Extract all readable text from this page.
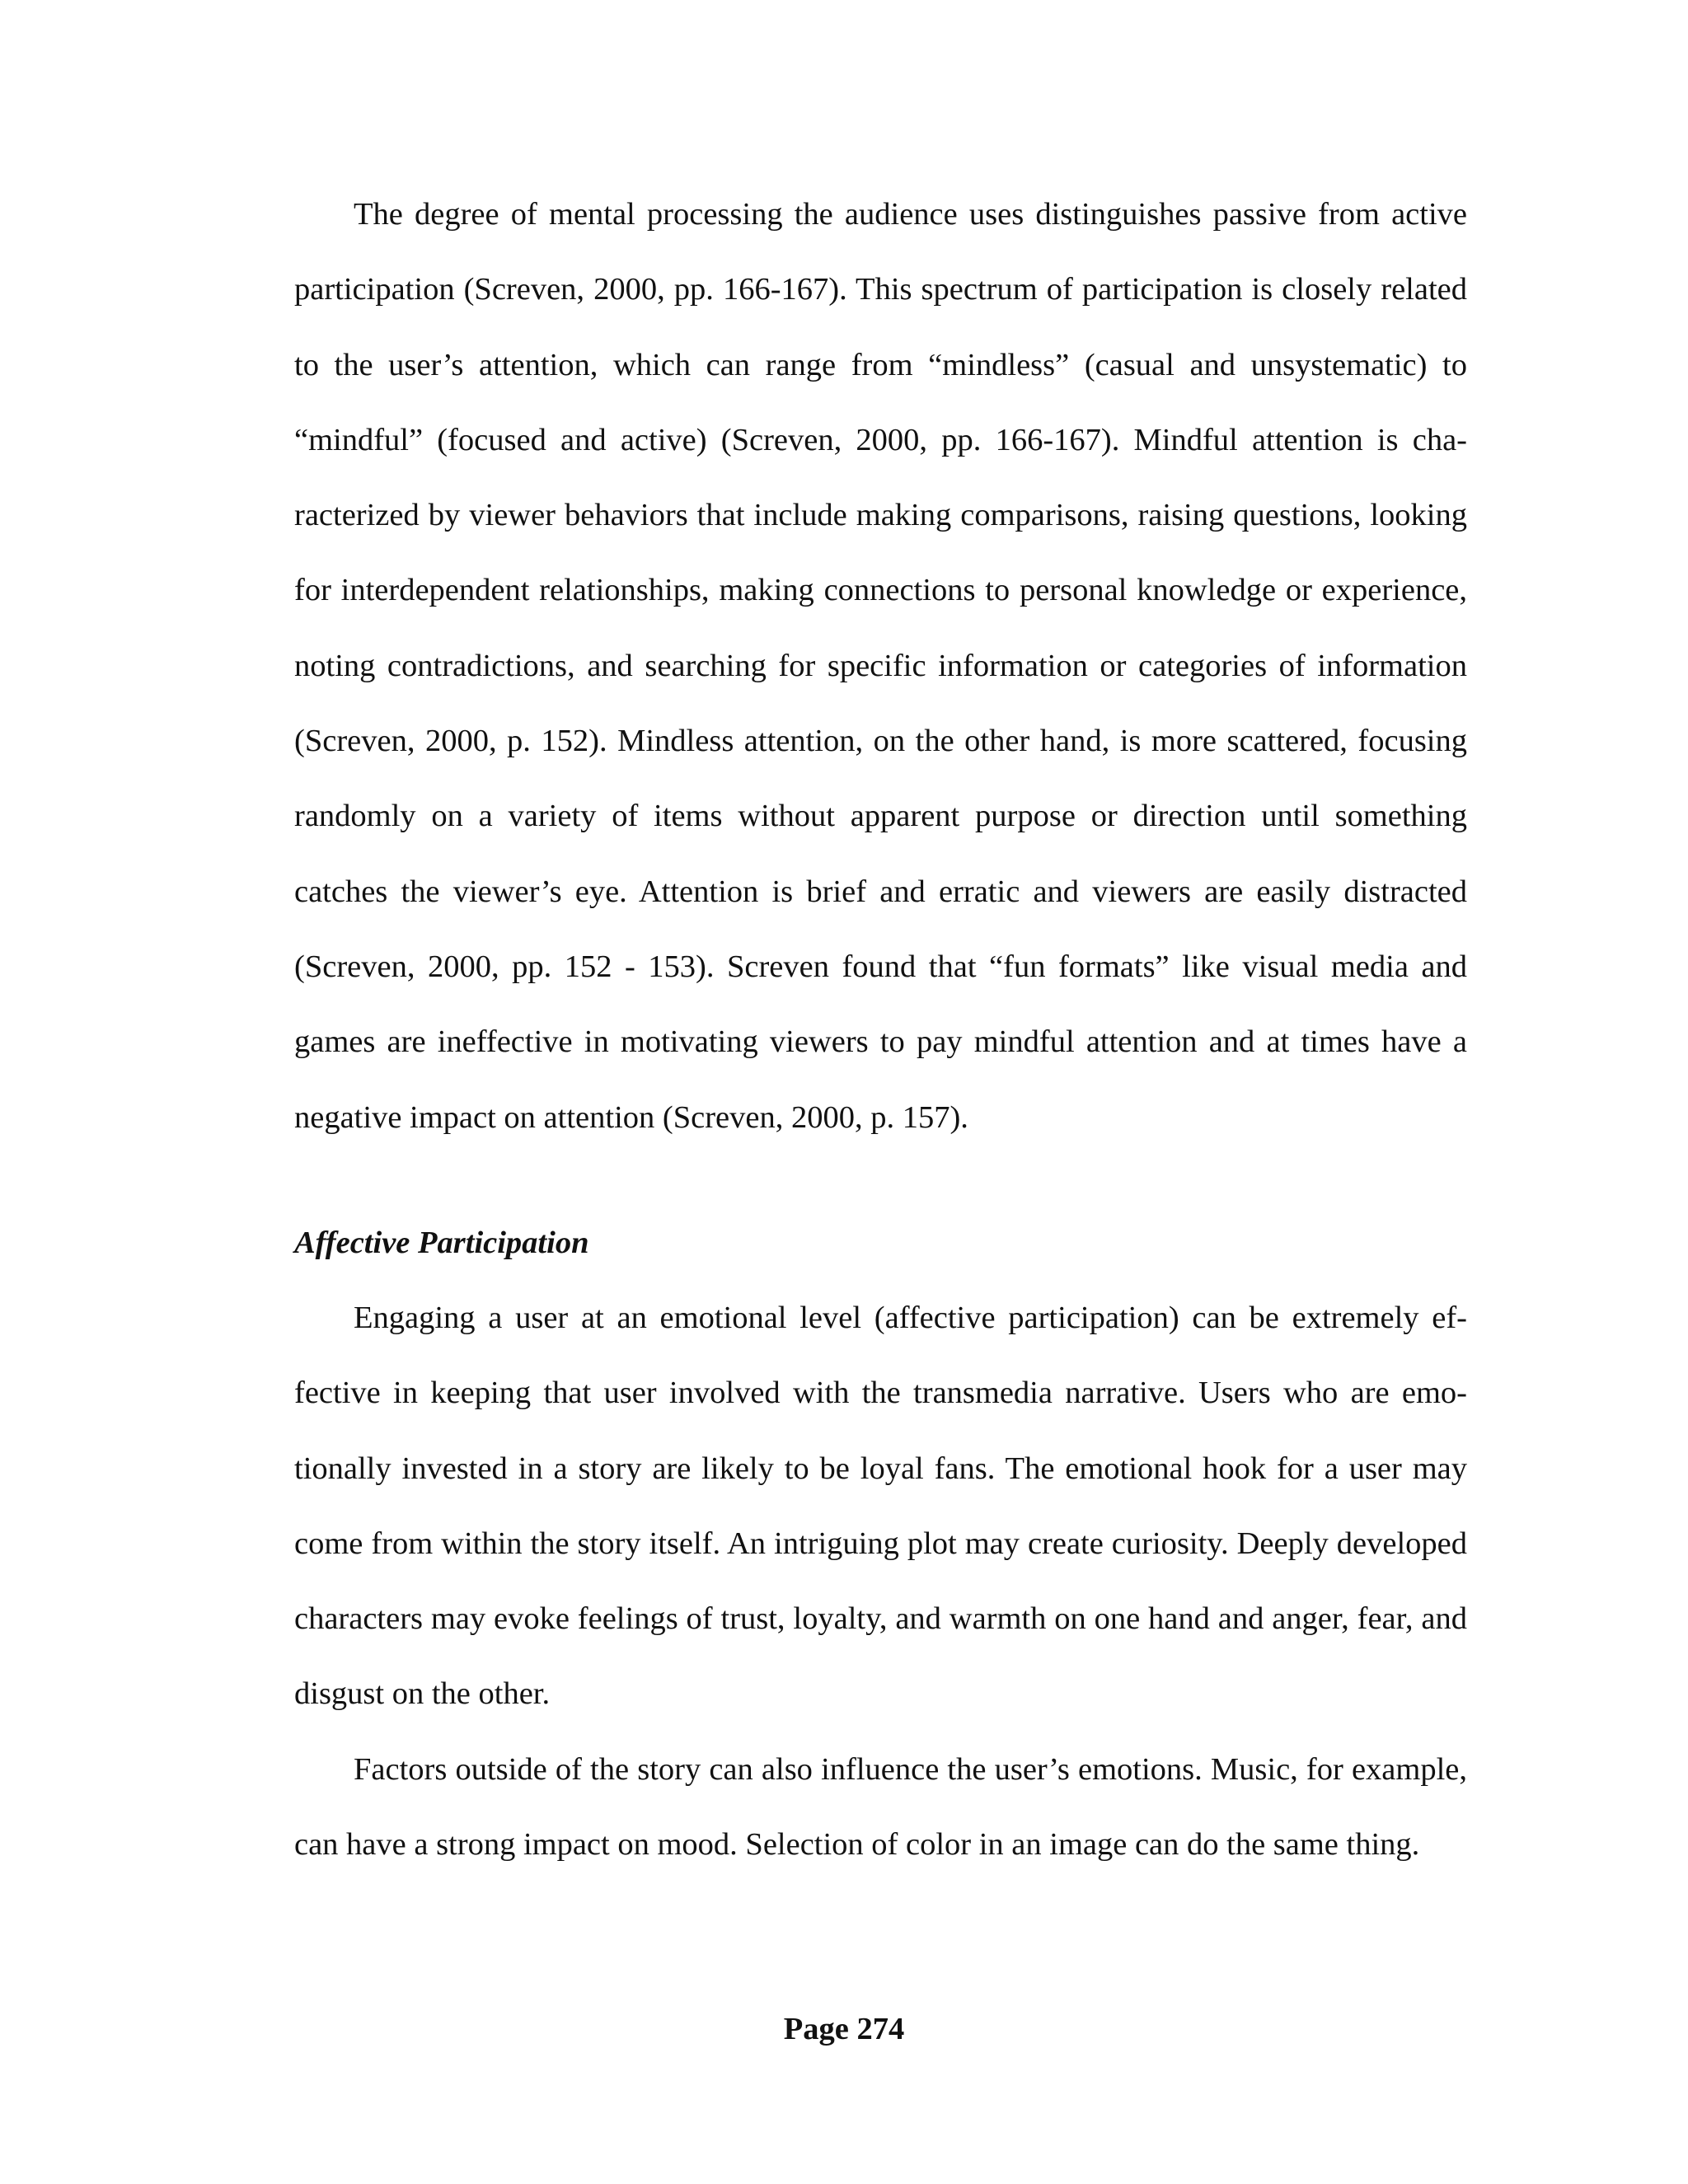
The degree of mental processing the audience uses distinguishes passive from active participation (Screven, 2000, pp. 166-167). This spectrum of participation is closely related to the user’s attention, which can range from “mindless” (casual and unsystematic) to “mindful” (focused and active) (Screven, 2000, pp. 166-167). Mindful attention is characterized by viewer behaviors that include making comparisons, raising questions, looking for interdependent relationships, making connections to personal knowledge or experience, noting contradictions, and searching for specific information or categories of information (Screven, 2000, p. 152). Mindless attention, on the other hand, is more scattered, focusing randomly on a variety of items without apparent purpose or direction until something catches the viewer’s eye. Attention is brief and erratic and viewers are easily distracted (Screven, 2000, pp. 152 - 153). Screven found that “fun formats” like visual media and games are ineffective in motivating viewers to pay mindful attention and at times have a negative impact on attention (Screven, 2000, p. 157).

Affective Participation

Engaging a user at an emotional level (affective participation) can be extremely effective in keeping that user involved with the transmedia narrative. Users who are emotionally invested in a story are likely to be loyal fans. The emotional hook for a user may come from within the story itself. An intriguing plot may create curiosity. Deeply developed characters may evoke feelings of trust, loyalty, and warmth on one hand and anger, fear, and disgust on the other.

Factors outside of the story can also influence the user’s emotions. Music, for example, can have a strong impact on mood. Selection of color in an image can do the same thing.

Page 274
